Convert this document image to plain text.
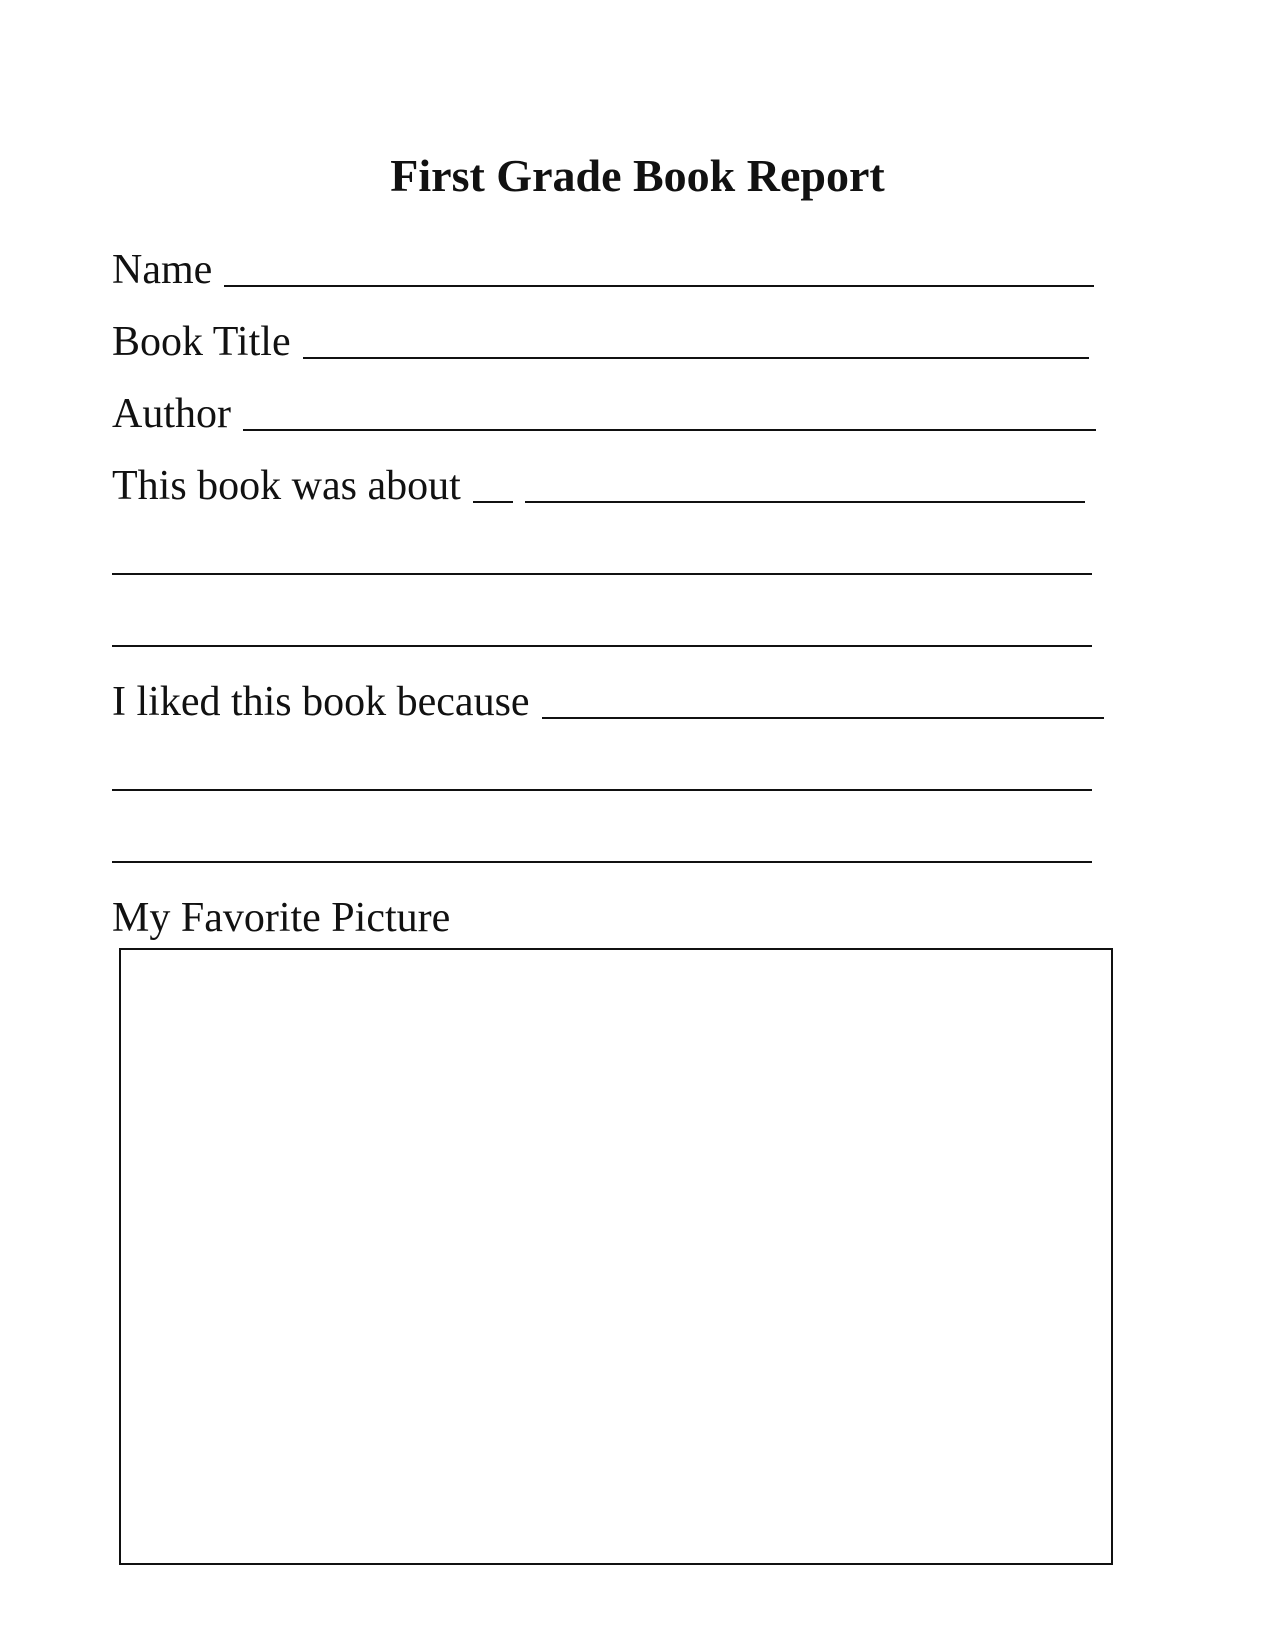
First Grade Book Report
Name
Book Title
Author
This book was about
I liked this book because
My Favorite Picture
